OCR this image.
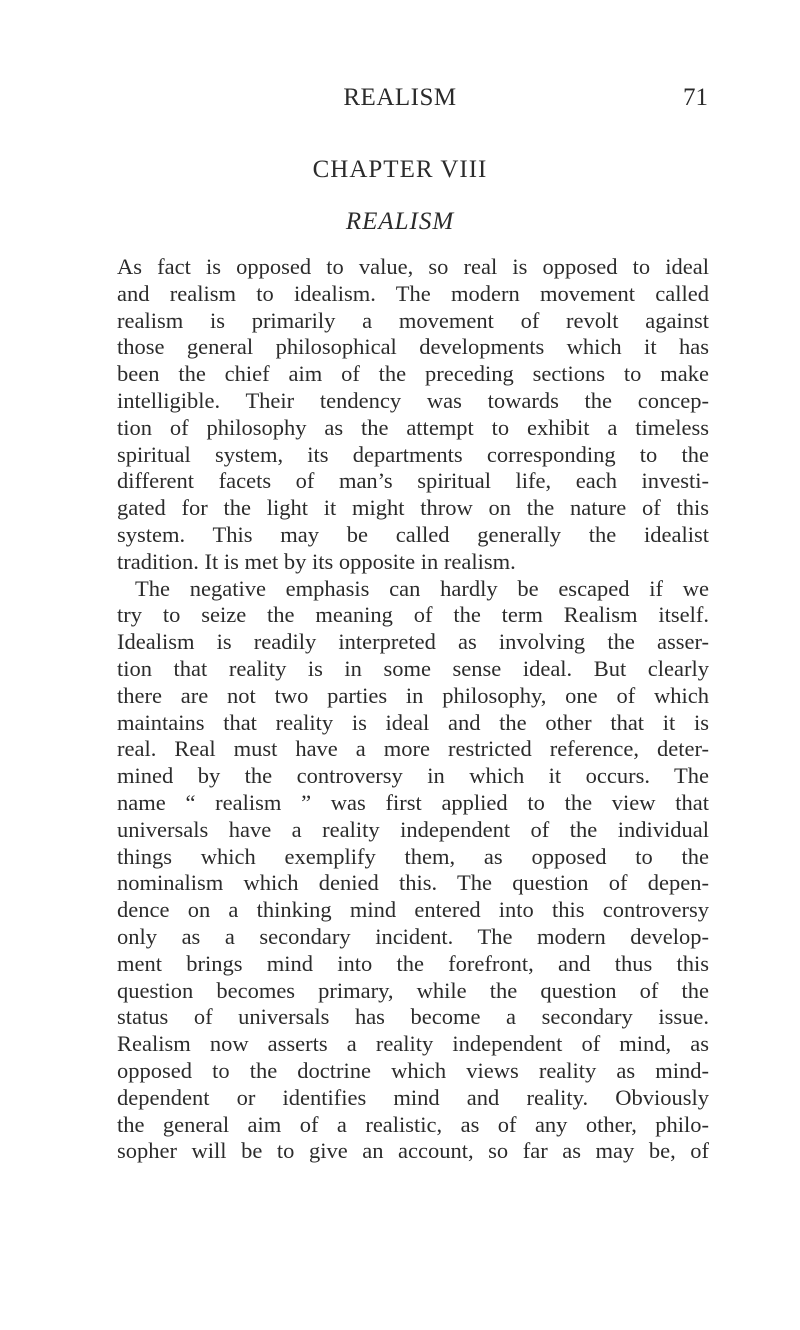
REALISM	71
CHAPTER VIII
REALISM
As fact is opposed to value, so real is opposed to ideal
and realism to idealism. The modern movement called
realism is primarily a movement of revolt against
those general philosophical developments which it has
been the chief aim of the preceding sections to make
intelligible. Their tendency was towards the concep-
tion of philosophy as the attempt to exhibit a timeless
spiritual system, its departments corresponding to the
different facets of man’s spiritual life, each investi-
gated for the light it might throw on the nature of this
system. This may be called generally the idealist
tradition. It is met by its opposite in realism.
The negative emphasis can hardly be escaped if we
try to seize the meaning of the term Realism itself.
Idealism is readily interpreted as involving the asser-
tion that reality is in some sense ideal. But clearly
there are not two parties in philosophy, one of which
maintains that reality is ideal and the other that it is
real. Real must have a more restricted reference, deter-
mined by the controversy in which it occurs. The
name “ realism ” was first applied to the view that
universals have a reality independent of the individual
things which exemplify them, as opposed to the
nominalism which denied this. The question of depen-
dence on a thinking mind entered into this controversy
only as a secondary incident. The modern develop-
ment brings mind into the forefront, and thus this
question becomes primary, while the question of the
status of universals has become a secondary issue.
Realism now asserts a reality independent of mind, as
opposed to the doctrine which views reality as mind-
dependent or identifies mind and reality. Obviously
the general aim of a realistic, as of any other, philo-
sopher will be to give an account, so far as may be, of
